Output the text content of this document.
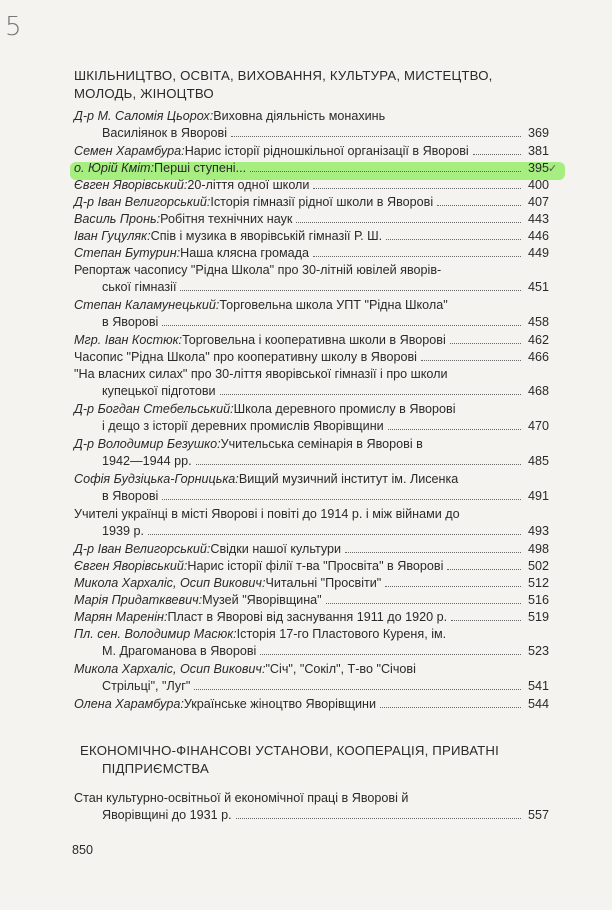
5
✓
ШКІЛЬНИЦТВО, ОСВІТА, ВИХОВАННЯ, КУЛЬТУРА, МИСТЕЦТВО,
МОЛОДЬ, ЖІНОЦТВО
ЕКОНОМІЧНО-ФІНАНСОВІ УСТАНОВИ, КООПЕРАЦІЯ, ПРИВАТНІ
ПІДПРИЄМСТВА
Д-р М. Саломія Цьорох: Виховна діяльність монахинь
Василіянок в Яворові	369
Семен Харамбура: Нарис історії рідношкільної організації в Яворові	381
о. Юрій Кміт: Перші ступені...	395
Євген Яворівський: 20-ліття одної школи	400
Д-р Іван Велигорський: Історія гімназії рідної школи в Яворові	407
Василь Пронь: Робітня технічних наук	443
Іван Гуцуляк: Спів і музика в яворівській гімназії Р. Ш.	446
Степан Бутурин: Наша клясна громада	449
Репортаж часопису "Рідна Школа" про 30-літній ювілей яворів-
ської гімназії	451
Степан Каламунецький: Торговельна школа УПТ "Рідна Школа"
в Яворові	458
Мгр. Іван Костюк: Торговельна і кооперативна школи в Яворові	462
Часопис "Рідна Школа" про кооперативну школу в Яворові	466
"На власних силах" про 30-ліття яворівської гімназії і про школи
купецької підготови	468
Д-р Богдан Стебельський: Школа деревного промислу в Яворові
і дещо з історії деревних промислів Яворівщини	470
Д-р Володимир Безушко: Учительська семінарія в Яворові в
1942—1944 рр.	485
Софія Будзіцька-Горницька: Вищий музичний інститут ім. Лисенка
в Яворові	491
Учителі українці в місті Яворові і повіті до 1914 р. і між війнами до
1939 р.	493
Д-р Іван Велигорський: Свідки нашої культури	498
Євген Яворівський: Нарис історії філії т-ва "Просвіта" в Яворові	502
Микола Хархаліс, Осип Викович: Читальні "Просвіти"	512
Марія Придатквевич: Музей "Яворівщина"	516
Марян Маренін: Пласт в Яворові від заснування 1911 до 1920 р.	519
Пл. сен. Володимир Масюк: Історія 17-го Пластового Куреня, ім.
М. Драгоманова в Яворові	523
Микола Хархаліс, Осип Викович: "Січ", "Сокіл", Т-во "Січові
Стрільці", "Луг"	541
Олена Харамбура: Українське жіноцтво Яворівщини	544
Стан культурно-освітньої й економічної праці в Яворові й
Яворівщині до 1931 р.	557
850
